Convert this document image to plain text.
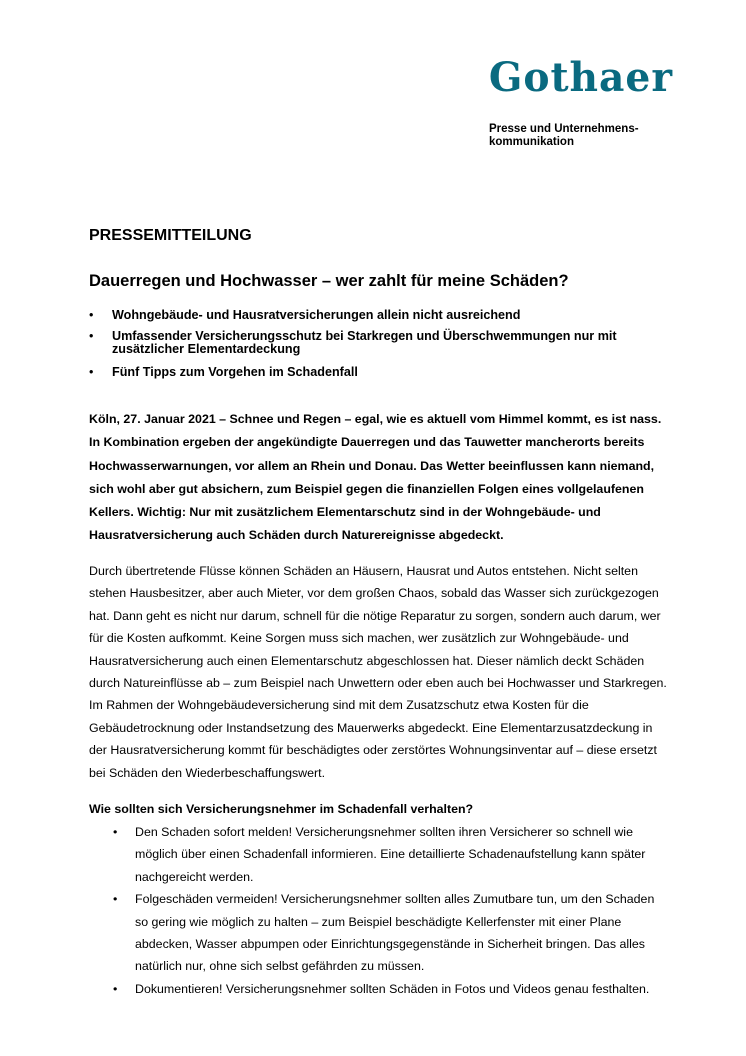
Gothaer
Presse und Unternehmens-
kommunikation
PRESSEMITTEILUNG
Dauerregen und Hochwasser – wer zahlt für meine Schäden?
• Wohngebäude- und Hausratversicherungen allein nicht ausreichend
• Umfassender Versicherungsschutz bei Starkregen und Überschwemmungen nur mit zusätzlicher Elementardeckung
• Fünf Tipps zum Vorgehen im Schadenfall

Köln, 27. Januar 2021 – Schnee und Regen – egal, wie es aktuell vom Himmel kommt, es ist nass. In Kombination ergeben der angekündigte Dauerregen und das Tauwetter mancherorts bereits Hochwasserwarnungen, vor allem an Rhein und Donau. Das Wetter beeinflussen kann niemand, sich wohl aber gut absichern, zum Beispiel gegen die finanziellen Folgen eines vollgelaufenen Kellers. Wichtig: Nur mit zusätzlichem Elementarschutz sind in der Wohngebäude- und Hausratversicherung auch Schäden durch Naturereignisse abgedeckt.

Durch übertretende Flüsse können Schäden an Häusern, Hausrat und Autos entstehen. Nicht selten stehen Hausbesitzer, aber auch Mieter, vor dem großen Chaos, sobald das Wasser sich zurückgezogen hat. Dann geht es nicht nur darum, schnell für die nötige Reparatur zu sorgen, sondern auch darum, wer für die Kosten aufkommt. Keine Sorgen muss sich machen, wer zusätzlich zur Wohngebäude- und Hausratversicherung auch einen Elementarschutz abgeschlossen hat. Dieser nämlich deckt Schäden durch Natureinflüsse ab – zum Beispiel nach Unwettern oder eben auch bei Hochwasser und Starkregen. Im Rahmen der Wohngebäudeversicherung sind mit dem Zusatzschutz etwa Kosten für die Gebäudetrocknung oder Instandsetzung des Mauerwerks abgedeckt. Eine Elementarzusatzdeckung in der Hausratversicherung kommt für beschädigtes oder zerstörtes Wohnungsinventar auf – diese ersetzt bei Schäden den Wiederbeschaffungswert.

Wie sollten sich Versicherungsnehmer im Schadenfall verhalten?
• Den Schaden sofort melden! Versicherungsnehmer sollten ihren Versicherer so schnell wie möglich über einen Schadenfall informieren. Eine detaillierte Schadenaufstellung kann später nachgereicht werden.
• Folgeschäden vermeiden! Versicherungsnehmer sollten alles Zumutbare tun, um den Schaden so gering wie möglich zu halten – zum Beispiel beschädigte Kellerfenster mit einer Plane abdecken, Wasser abpumpen oder Einrichtungsgegenstände in Sicherheit bringen. Das alles natürlich nur, ohne sich selbst gefährden zu müssen.
• Dokumentieren! Versicherungsnehmer sollten Schäden in Fotos und Videos genau festhalten.
